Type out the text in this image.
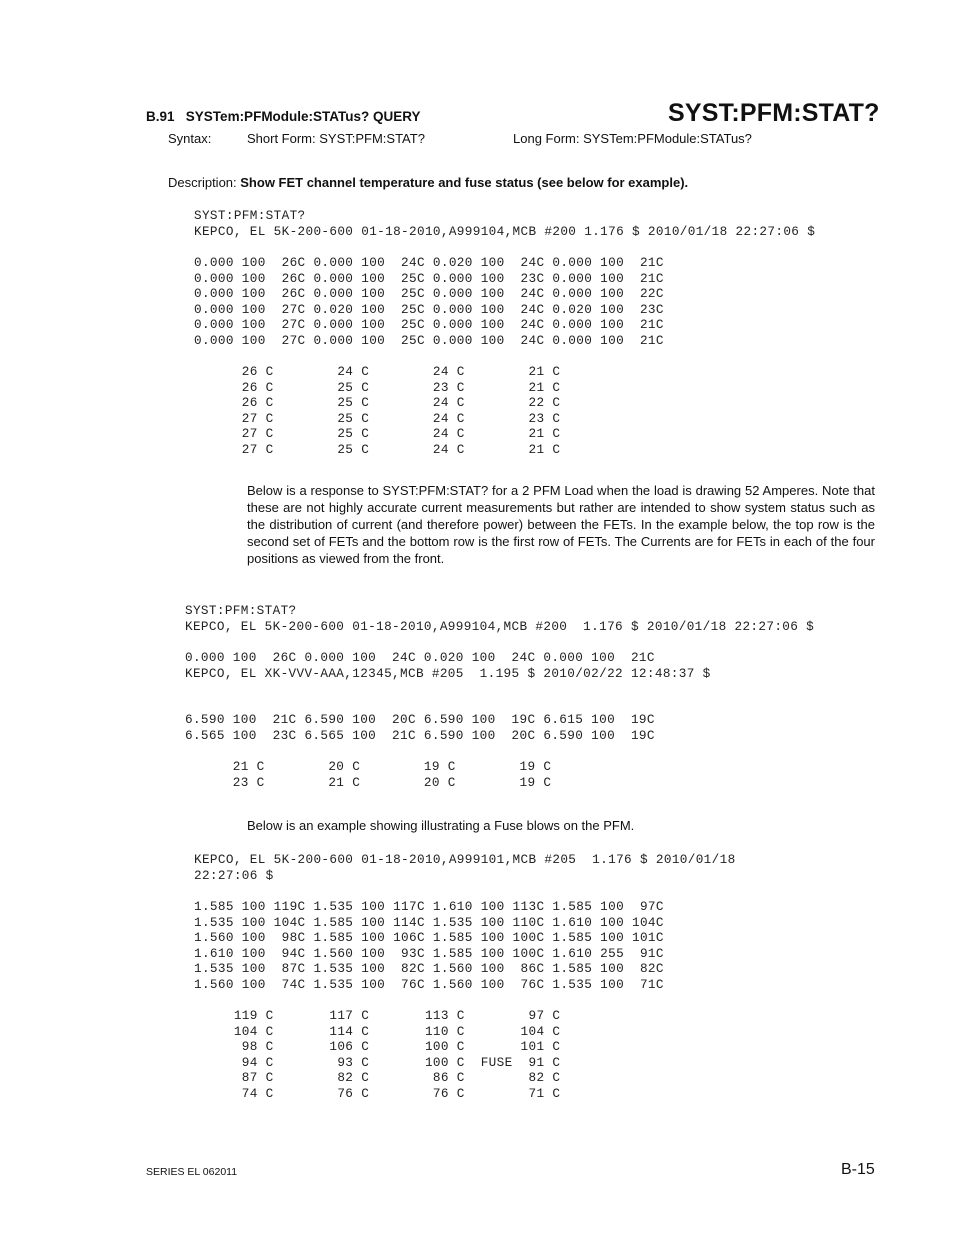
B.91 SYSTem:PFModule:STATus? QUERY	SYST:PFM:STAT?
Syntax:	Short Form: SYST:PFM:STAT?	Long Form: SYSTem:PFModule:STATus?
Description: Show FET channel temperature and fuse status (see below for example).
SYST:PFM:STAT?
KEPCO, EL 5K-200-600 01-18-2010,A999104,MCB #200 1.176 $ 2010/01/18 22:27:06 $
0.000 100  26C 0.000 100  24C 0.020 100  24C 0.000 100  21C
0.000 100  26C 0.000 100  25C 0.000 100  23C 0.000 100  21C
0.000 100  26C 0.000 100  25C 0.000 100  24C 0.000 100  22C
0.000 100  27C 0.020 100  25C 0.000 100  24C 0.020 100  23C
0.000 100  27C 0.000 100  25C 0.000 100  24C 0.000 100  21C
0.000 100  27C 0.000 100  25C 0.000 100  24C 0.000 100  21C
26 C        24 C        24 C        21 C
26 C        25 C        23 C        21 C
26 C        25 C        24 C        22 C
27 C        25 C        24 C        23 C
27 C        25 C        24 C        21 C
27 C        25 C        24 C        21 C
Below is a response to SYST:PFM:STAT? for a 2 PFM Load when the load is drawing 52 Amperes. Note that these are not highly accurate current measurements but rather are intended to show system status such as the distribution of current (and therefore power) between the FETs. In the example below, the top row is the second set of FETs and the bottom row is the first row of FETs. The Currents are for FETs in each of the four positions as viewed from the front.
SYST:PFM:STAT?
KEPCO, EL 5K-200-600 01-18-2010,A999104,MCB #200  1.176 $ 2010/01/18 22:27:06 $
0.000 100  26C 0.000 100  24C 0.020 100  24C 0.000 100  21C
KEPCO, EL XK-VVV-AAA,12345,MCB #205  1.195 $ 2010/02/22 12:48:37 $
6.590 100  21C 6.590 100  20C 6.590 100  19C 6.615 100  19C
6.565 100  23C 6.565 100  21C 6.590 100  20C 6.590 100  19C
21 C        20 C        19 C        19 C
23 C        21 C        20 C        19 C
Below is an example showing illustrating a Fuse blows on the PFM.
KEPCO, EL 5K-200-600 01-18-2010,A999101,MCB #205  1.176 $ 2010/01/18
22:27:06 $
1.585 100 119C 1.535 100 117C 1.610 100 113C 1.585 100  97C
1.535 100 104C 1.585 100 114C 1.535 100 110C 1.610 100 104C
1.560 100  98C 1.585 100 106C 1.585 100 100C 1.585 100 101C
1.610 100  94C 1.560 100  93C 1.585 100 100C 1.610 255  91C
1.535 100  87C 1.535 100  82C 1.560 100  86C 1.585 100  82C
1.560 100  74C 1.535 100  76C 1.560 100  76C 1.535 100  71C
119 C       117 C       113 C        97 C
104 C       114 C       110 C       104 C
98 C       106 C       100 C       101 C
94 C        93 C       100 C  FUSE  91 C
87 C        82 C        86 C        82 C
74 C        76 C        76 C        71 C
SERIES EL 062011	B-15
